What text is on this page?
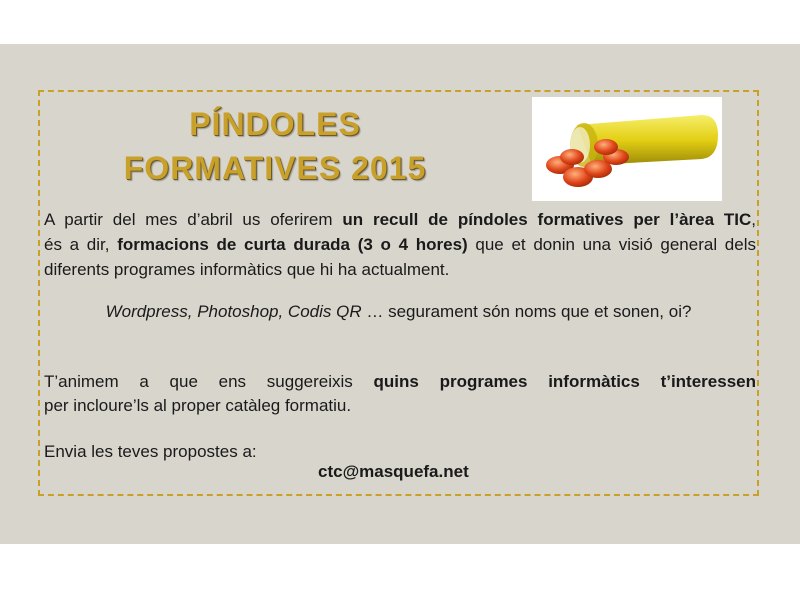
PÍNDOLES
FORMATIVES 2015
A partir del mes d’abril us oferirem un recull de píndoles formatives per l’àrea TIC,
és a dir, formacions de curta durada (3 o 4 hores) que et donin una visió general dels
diferents programes informàtics que hi ha actualment.
Wordpress, Photoshop, Codis QR … segurament són noms que et sonen, oi?
T’animem a que ens suggereixis quins programes informàtics t’interessen
per incloure’ls al proper catàleg formatiu.
Envia les teves propostes a:
ctc@masquefa.net
